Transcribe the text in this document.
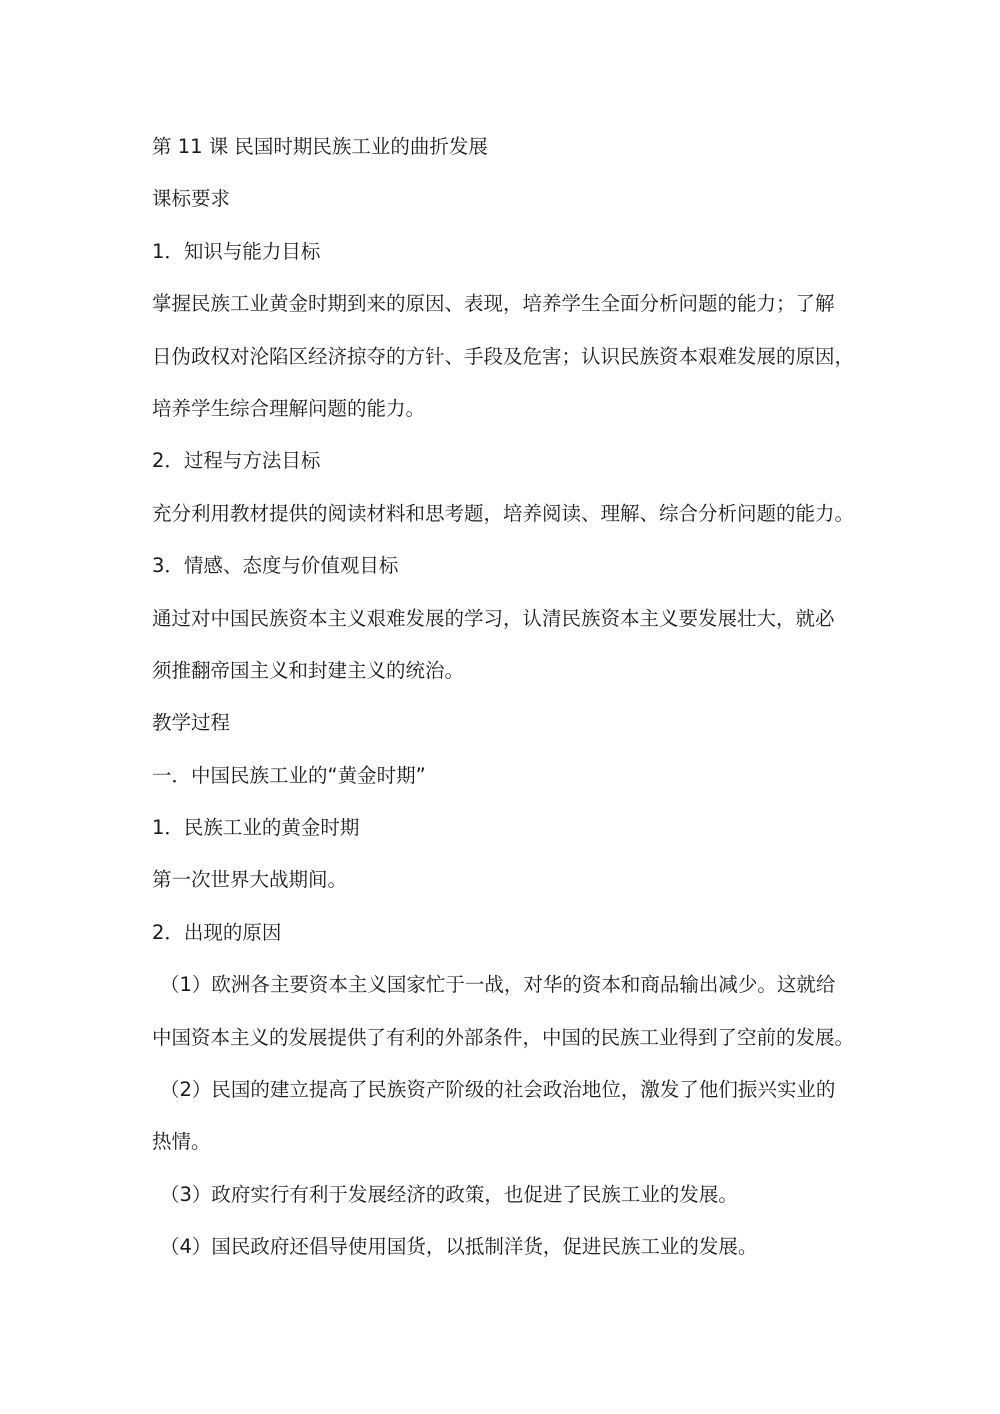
第 11 课 民国时期民族工业的曲折发展
课标要求
1．知识与能力目标
掌握民族工业黄金时期到来的原因、表现，培养学生全面分析问题的能力；了解
日伪政权对沦陷区经济掠夺的方针、手段及危害；认识民族资本艰难发展的原因，
培养学生综合理解问题的能力。
2．过程与方法目标
充分利用教材提供的阅读材料和思考题，培养阅读、理解、综合分析问题的能力。
3．情感、态度与价值观目标
通过对中国民族资本主义艰难发展的学习，认清民族资本主义要发展壮大，就必
须推翻帝国主义和封建主义的统治。
教学过程
一．中国民族工业的“黄金时期”
1．民族工业的黄金时期
第一次世界大战期间。
2．出现的原因
（1）欧洲各主要资本主义国家忙于一战，对华的资本和商品输出减少。这就给
中国资本主义的发展提供了有利的外部条件，中国的民族工业得到了空前的发展。
（2）民国的建立提高了民族资产阶级的社会政治地位，激发了他们振兴实业的
热情。
（3）政府实行有利于发展经济的政策，也促进了民族工业的发展。
（4）国民政府还倡导使用国货，以抵制洋货，促进民族工业的发展。
